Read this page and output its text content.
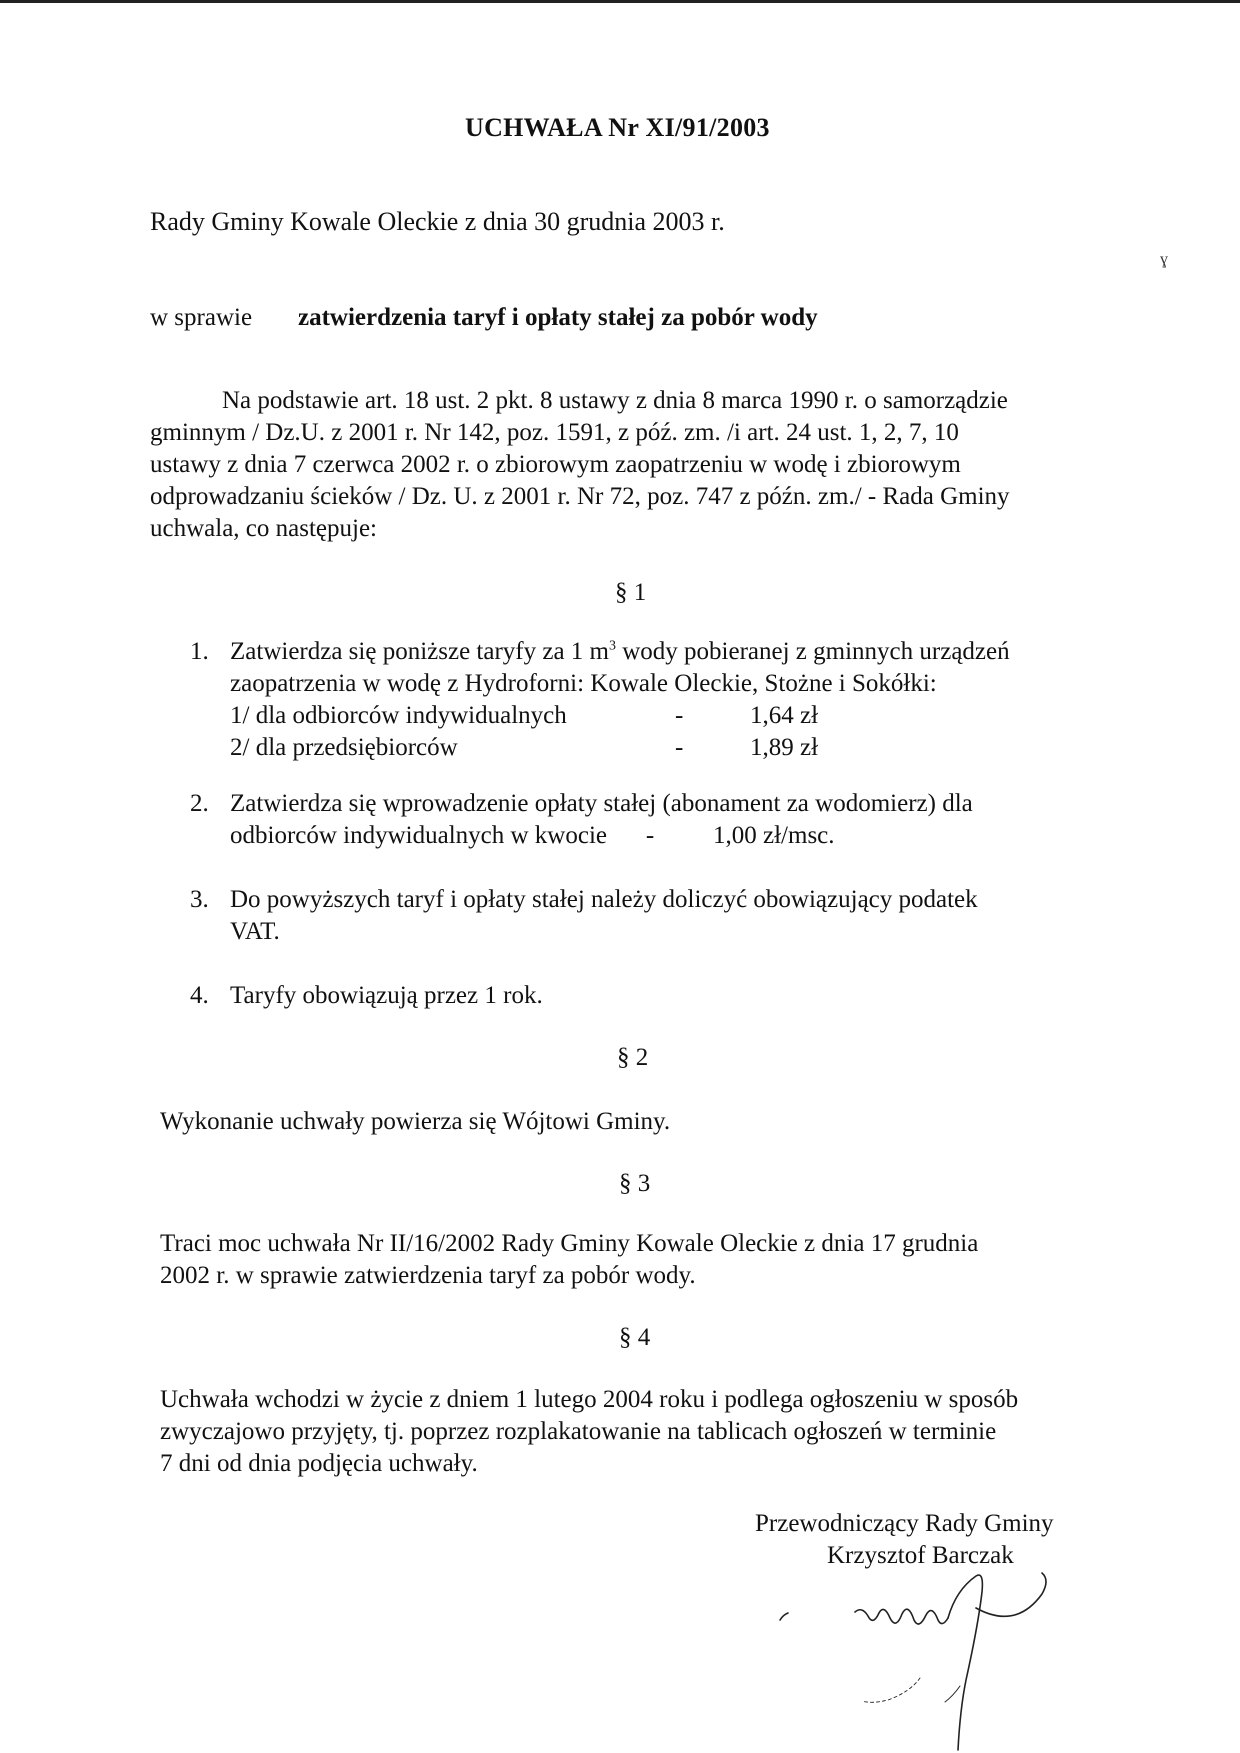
ɣ
UCHWAŁA Nr XI/91/2003
Rady Gminy Kowale Oleckie z dnia 30 grudnia 2003 r.
w sprawie zatwierdzenia taryf i opłaty stałej za pobór wody
Na podstawie art. 18 ust. 2 pkt. 8 ustawy z dnia 8 marca 1990 r. o samorządzie
gminnym / Dz.U. z 2001 r. Nr 142, poz. 1591, z póź. zm. /i art. 24 ust. 1, 2, 7, 10
ustawy z dnia 7 czerwca 2002 r. o zbiorowym zaopatrzeniu w wodę i zbiorowym
odprowadzaniu ścieków / Dz. U. z 2001 r. Nr 72, poz. 747 z późn. zm./ - Rada Gminy
uchwala, co następuje:
§ 1
1. Zatwierdza się poniższe taryfy za 1 $m^3$ wody pobieranej z gminnych urządzeń
zaopatrzenia w wodę z Hydroforni: Kowale Oleckie, Stożne i Sokółki:
1/ dla odbiorców indywidualnych	-	1,64 zł
2/ dla przedsiębiorców	-	1,89 zł
2. Zatwierdza się wprowadzenie opłaty stałej (abonament za wodomierz) dla
odbiorców indywidualnych w kwocie - 1,00 zł/msc.
3. Do powyższych taryf i opłaty stałej należy doliczyć obowiązujący podatek
VAT.
4. Taryfy obowiązują przez 1 rok.
§ 2
Wykonanie uchwały powierza się Wójtowi Gminy.
§ 3
Traci moc uchwała Nr II/16/2002 Rady Gminy Kowale Oleckie z dnia 17 grudnia
2002 r. w sprawie zatwierdzenia taryf za pobór wody.
§ 4
Uchwała wchodzi w życie z dniem 1 lutego 2004 roku i podlega ogłoszeniu w sposób
zwyczajowo przyjęty, tj. poprzez rozplakatowanie na tablicach ogłoszeń w terminie
7 dni od dnia podjęcia uchwały.
Przewodniczący Rady Gminy
Krzysztof Barczak
